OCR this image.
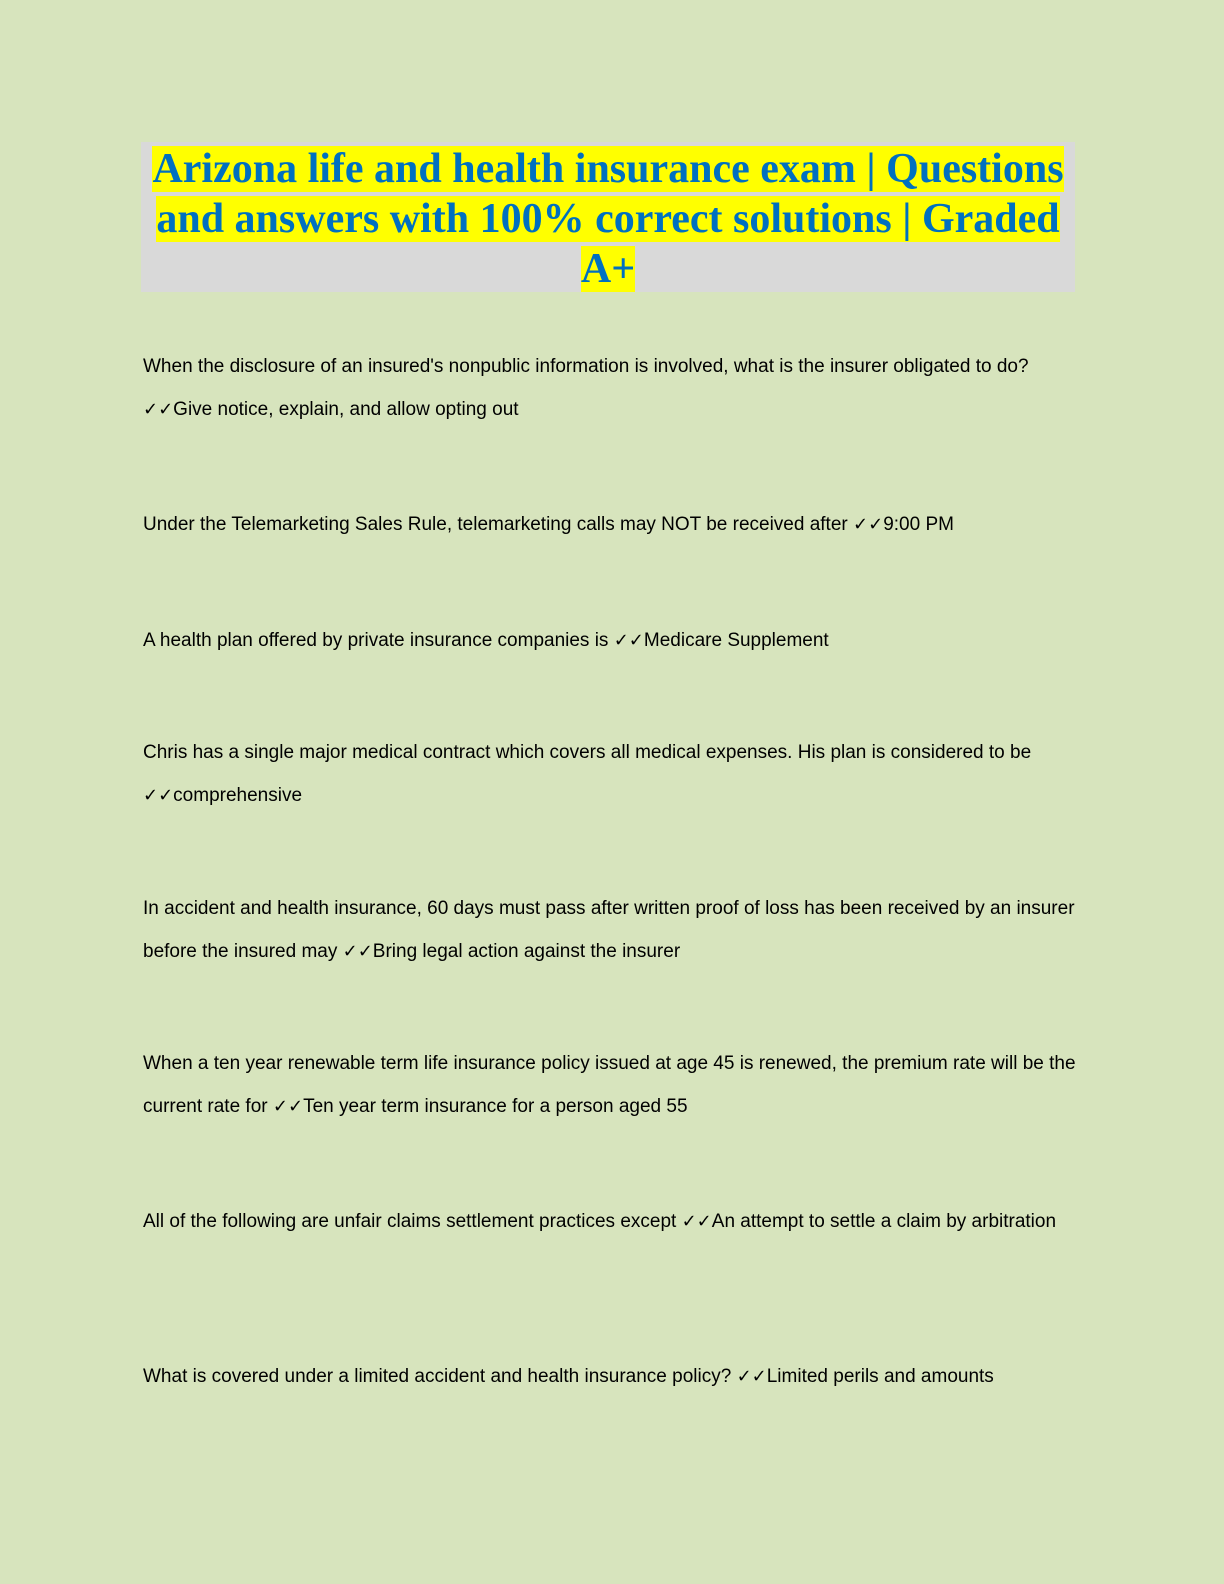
Arizona life and health insurance exam | Questions and answers with 100% correct solutions | Graded A+

When the disclosure of an insured's nonpublic information is involved, what is the insurer obligated to do? ✓✓Give notice, explain, and allow opting out

Under the Telemarketing Sales Rule, telemarketing calls may NOT be received after ✓✓9:00 PM

A health plan offered by private insurance companies is ✓✓Medicare Supplement

Chris has a single major medical contract which covers all medical expenses. His plan is considered to be ✓✓comprehensive

In accident and health insurance, 60 days must pass after written proof of loss has been received by an insurer before the insured may ✓✓Bring legal action against the insurer

When a ten year renewable term life insurance policy issued at age 45 is renewed, the premium rate will be the current rate for ✓✓Ten year term insurance for a person aged 55

All of the following are unfair claims settlement practices except ✓✓An attempt to settle a claim by arbitration

What is covered under a limited accident and health insurance policy? ✓✓Limited perils and amounts
